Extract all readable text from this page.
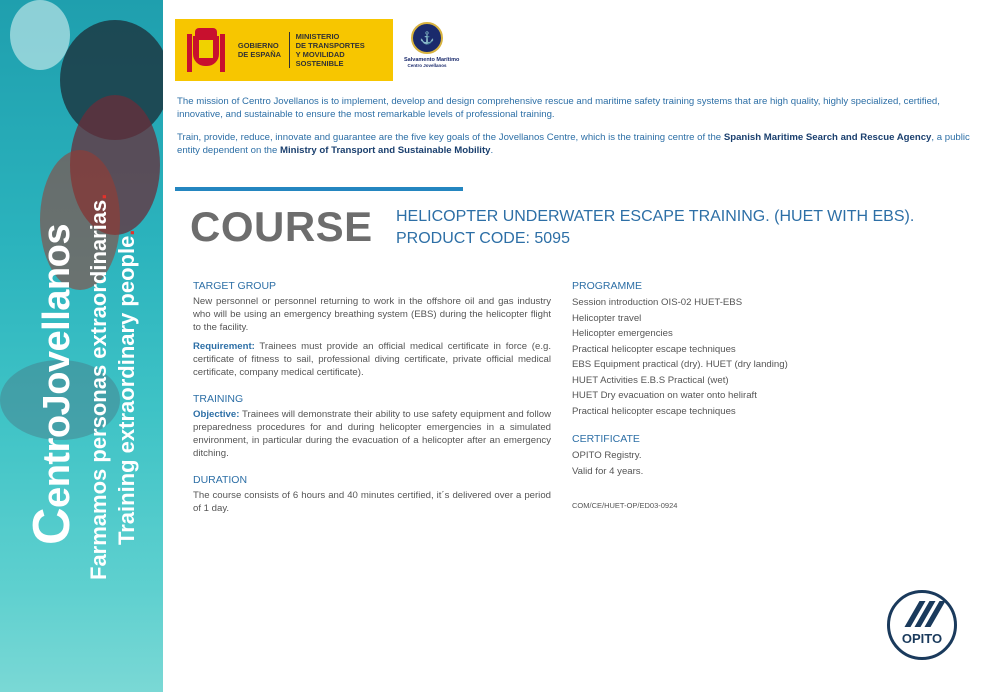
CentroJovellanos Farmamos personas extraordinarias.
Training extraordinary people.
GOBIERNO
DE ESPAÑA
MINISTERIO
DE TRANSPORTES
Y MOVILIDAD SOSTENIBLE
⚓
Salvamento Marítimo
Centro Jovellanos

The mission of Centro Jovellanos is to implement, develop and design comprehensive rescue and maritime safety training systems that are high quality, highly specialized, certified, innovative, and sustainable to ensure the most remarkable levels of professional training.

Train, provide, reduce, innovate and guarantee are the five key goals of the Jovellanos Centre, which is the training centre of the Spanish Maritime Search and Rescue Agency, a public entity dependent on the Ministry of Transport and Sustainable Mobility.

COURSE HELICOPTER UNDERWATER ESCAPE TRAINING. (HUET WITH EBS).
PRODUCT CODE: 5095
TARGET GROUP
New personnel or personnel returning to work in the offshore oil and gas industry who will be using an emergency breathing system (EBS) during the helicopter flight to the facility.
Requirement: Trainees must provide an official medical certificate in force (e.g. certificate of fitness to sail, professional diving certificate, private official medical certificate, company medical certificate).
TRAINING
Objective: Trainees will demonstrate their ability to use safety equipment and follow preparedness procedures for and during helicopter emergencies in a simulated environment, in particular during the evacuation of a helicopter after an emergency ditching.
DURATION
The course consists of 6 hours and 40 minutes certified, it´s delivered over a period of 1 day.
PROGRAMME
Session introduction OIS-02 HUET-EBS
Helicopter travel
Helicopter emergencies
Practical helicopter escape techniques
EBS Equipment practical (dry). HUET (dry landing)
HUET Activities E.B.S Practical (wet)
HUET Dry evacuation on water onto heliraft
Practical helicopter escape techniques
CERTIFICATE
OPITO Registry.
Valid for 4 years.
COM/CE/HUET-OP/ED03-0924
OPITO
